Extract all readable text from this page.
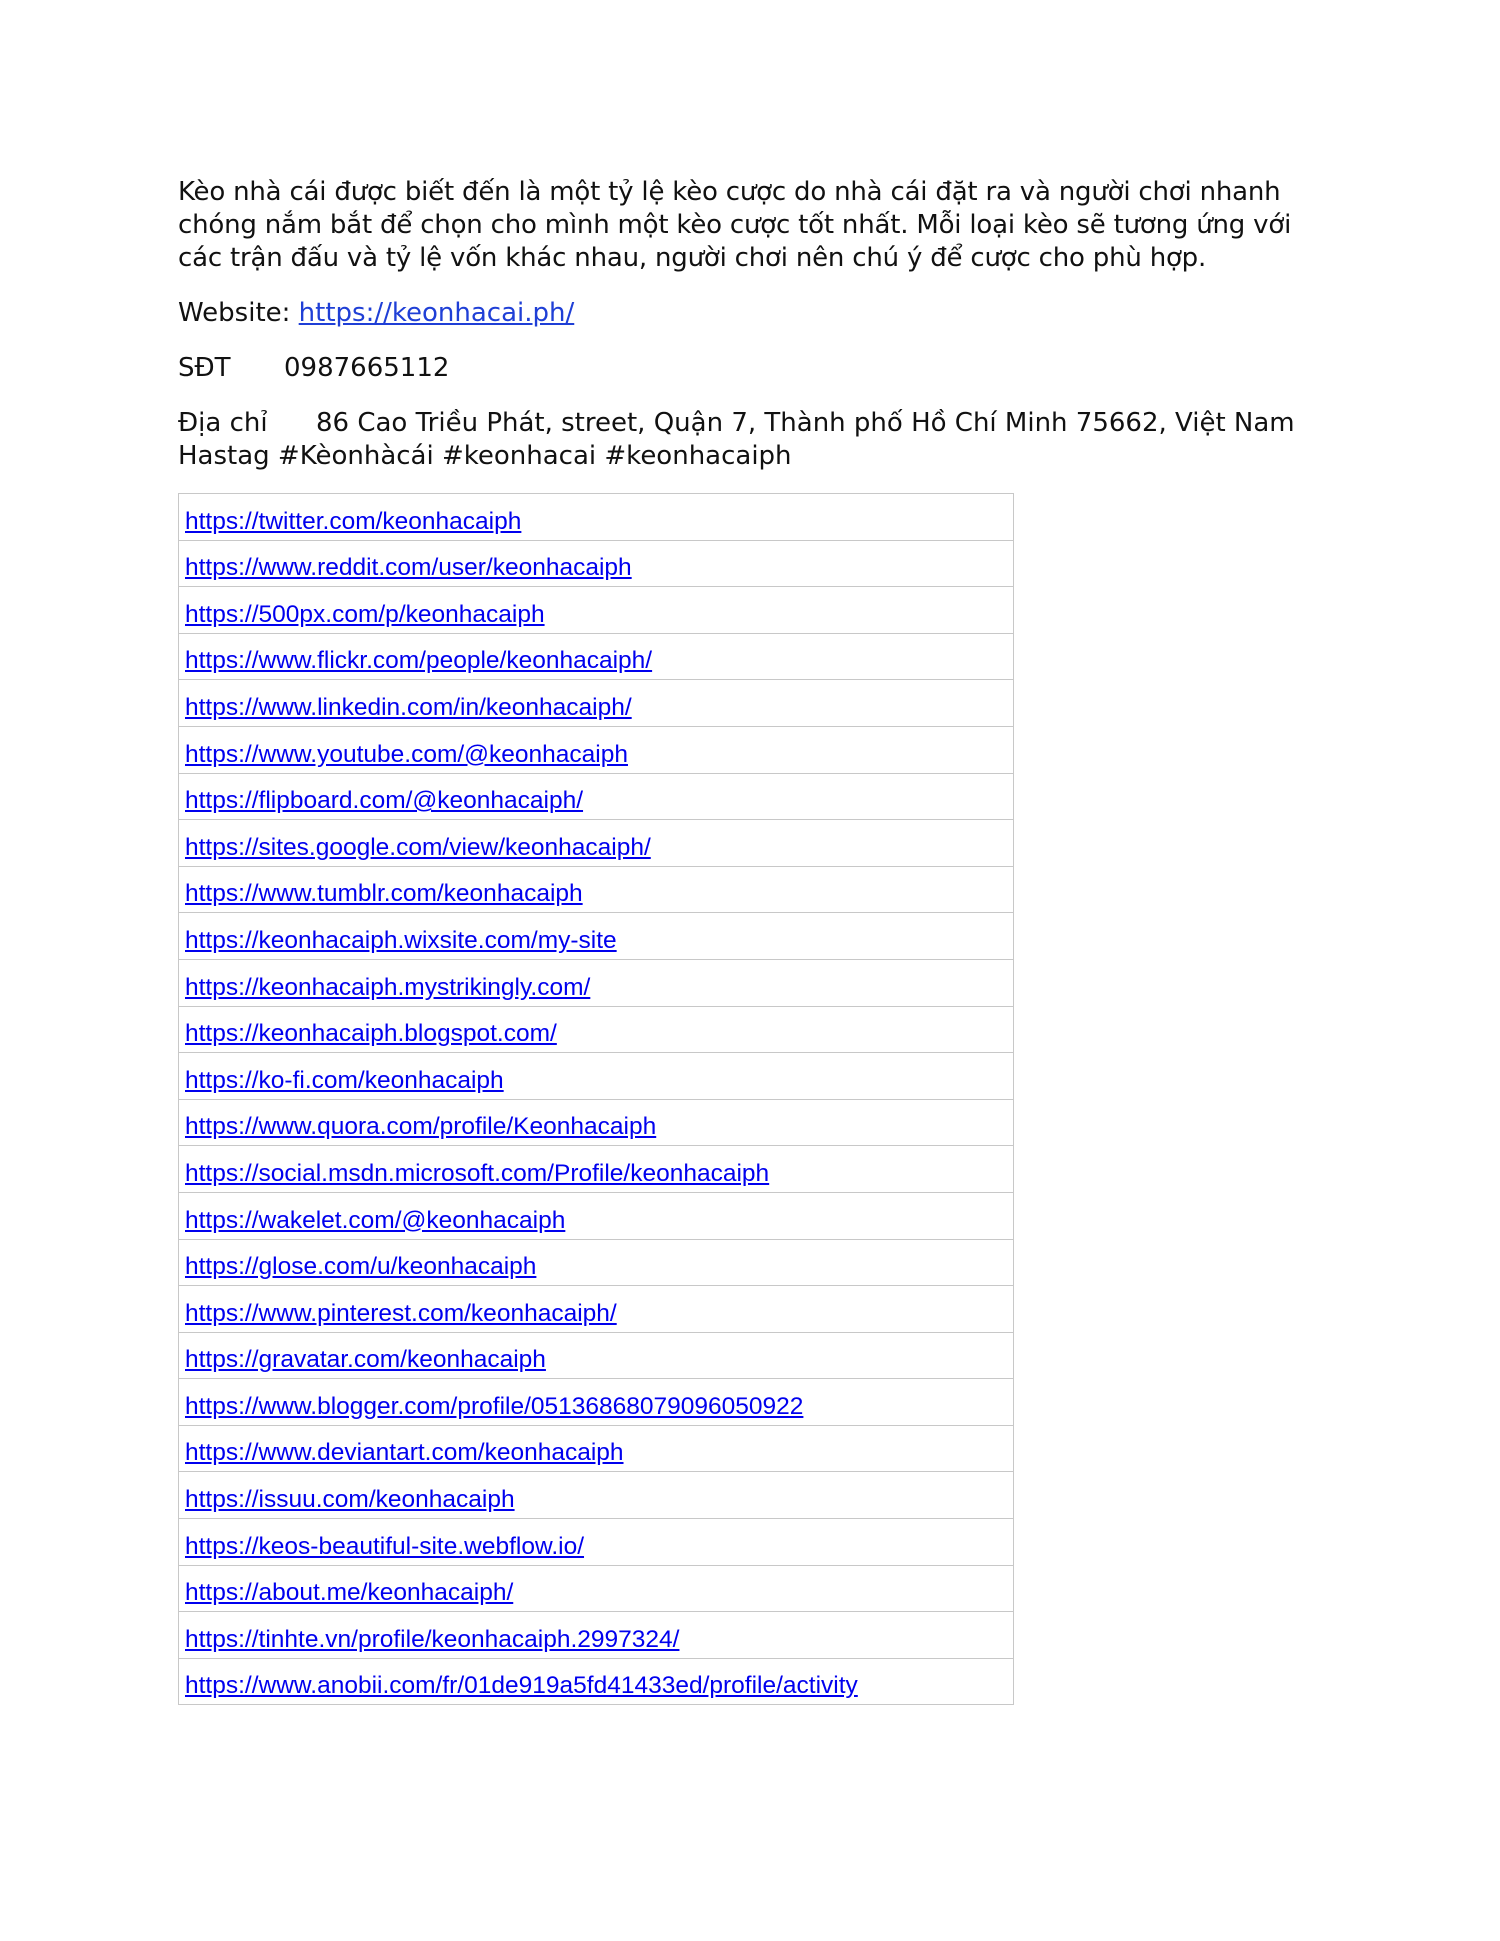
Kèo nhà cái được biết đến là một tỷ lệ kèo cược do nhà cái đặt ra và người chơi nhanh chóng nắm bắt để chọn cho mình một kèo cược tốt nhất. Mỗi loại kèo sẽ tương ứng với các trận đấu và tỷ lệ vốn khác nhau, người chơi nên chú ý để cược cho phù hợp.

Website: https://keonhacai.ph/

SĐT 0987665112

Địa chỉ 86 Cao Triều Phát, street, Quận 7, Thành phố Hồ Chí Minh 75662, Việt Nam

Hastag #Kèonhàcái #keonhacai #keonhacaiph

https://twitter.com/keonhacaiph
https://www.reddit.com/user/keonhacaiph
https://500px.com/p/keonhacaiph
https://www.flickr.com/people/keonhacaiph/
https://www.linkedin.com/in/keonhacaiph/
https://www.youtube.com/@keonhacaiph
https://flipboard.com/@keonhacaiph/
https://sites.google.com/view/keonhacaiph/
https://www.tumblr.com/keonhacaiph
https://keonhacaiph.wixsite.com/my-site
https://keonhacaiph.mystrikingly.com/
https://keonhacaiph.blogspot.com/
https://ko-fi.com/keonhacaiph
https://www.quora.com/profile/Keonhacaiph
https://social.msdn.microsoft.com/Profile/keonhacaiph
https://wakelet.com/@keonhacaiph
https://glose.com/u/keonhacaiph
https://www.pinterest.com/keonhacaiph/
https://gravatar.com/keonhacaiph
https://www.blogger.com/profile/05136868079096050922
https://www.deviantart.com/keonhacaiph
https://issuu.com/keonhacaiph
https://keos-beautiful-site.webflow.io/
https://about.me/keonhacaiph/
https://tinhte.vn/profile/keonhacaiph.2997324/
https://www.anobii.com/fr/01de919a5fd41433ed/profile/activity
